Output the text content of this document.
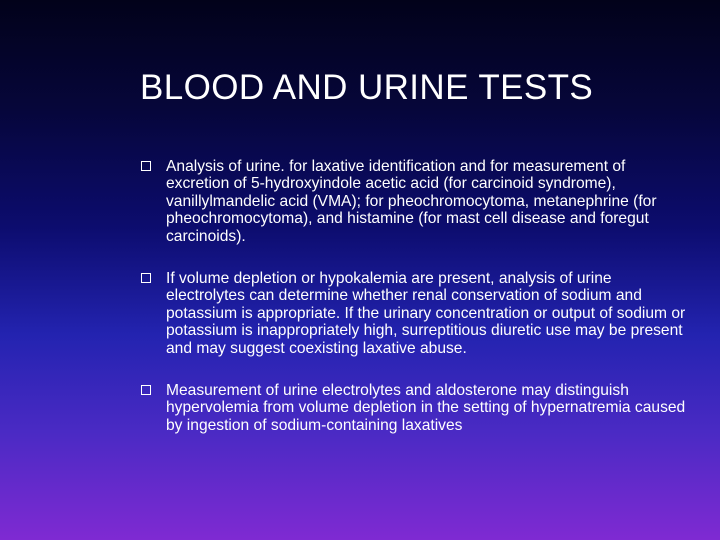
BLOOD AND URINE TESTS
Analysis of urine. for laxative identification and for measurement of excretion of 5-hydroxyindole acetic acid (for carcinoid syndrome), vanillylmandelic acid (VMA); for pheochromocytoma, metanephrine (for pheochromocytoma), and histamine (for mast cell disease and foregut carcinoids).
If volume depletion or hypokalemia are present, analysis of urine electrolytes can determine whether renal conservation of sodium and potassium is appropriate. If the urinary concentration or output of sodium or potassium is inappropriately high, surreptitious diuretic use may be present and may suggest coexisting laxative abuse.
Measurement of urine electrolytes and aldosterone may distinguish hypervolemia from volume depletion in the setting of hypernatremia caused by ingestion of sodium-containing laxatives
